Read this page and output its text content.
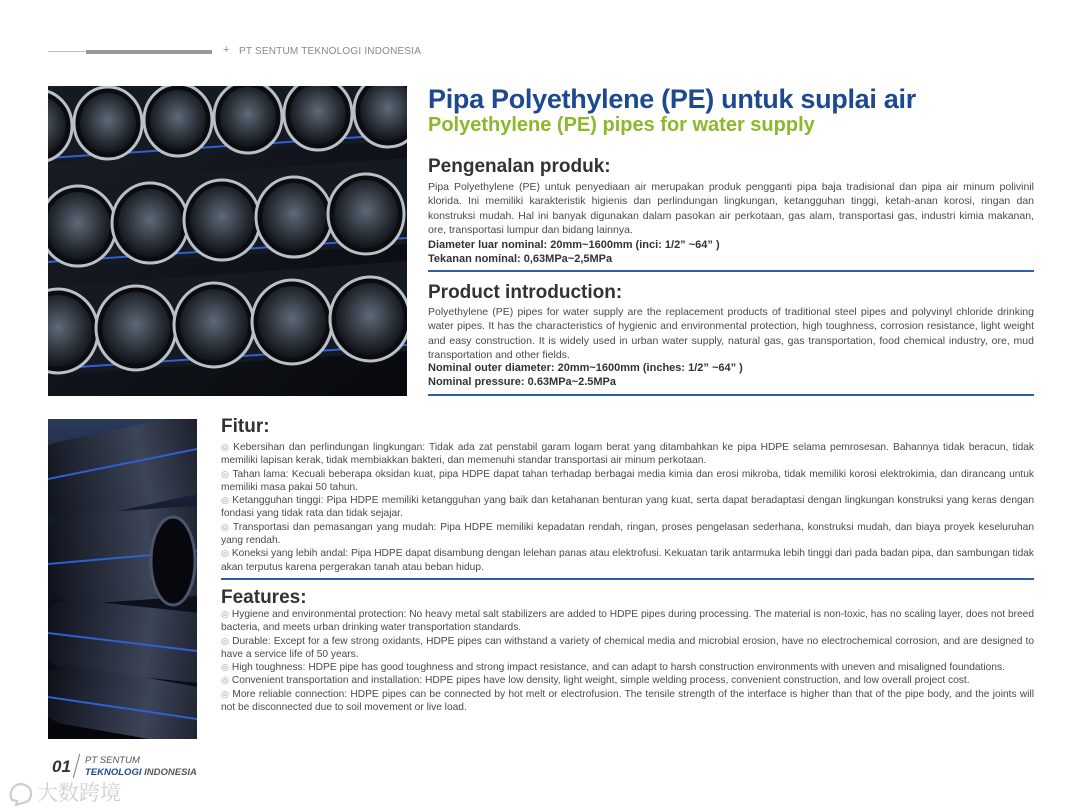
+ PT SENTUM TEKNOLOGI INDONESIA
Pipa Polyethylene (PE) untuk suplai air
Polyethylene (PE) pipes for water supply
Pengenalan produk:

Pipa Polyethylene (PE) untuk penyediaan air merupakan produk pengganti pipa baja tradisional dan pipa air minum polivinil klorida. Ini memiliki karakteristik higienis dan perlindungan lingkungan, ketangguhan tinggi, ketah-anan korosi, ringan dan konstruksi mudah. Hal ini banyak digunakan dalam pasokan air perkotaan, gas alam, transportasi gas, industri kimia makanan, ore, transportasi lumpur dan bidang lainnya.

Diameter luar nominal: 20mm~1600mm (inci: 1/2” ~64” )
Tekanan nominal: 0,63MPa~2,5MPa
Product introduction:

Polyethylene (PE) pipes for water supply are the replacement products of traditional steel pipes and polyvinyl chloride drinking water pipes. It has the characteristics of hygienic and environmental protection, high toughness, corrosion resistance, light weight and easy construction. It is widely used in urban water supply, natural gas, gas transportation, food chemical industry, ore, mud transportation and other fields.

Nominal outer diameter: 20mm~1600mm (inches: 1/2” ~64” )
Nominal pressure: 0.63MPa~2.5MPa
Fitur:
◎ Kebersihan dan perlindungan lingkungan: Tidak ada zat penstabil garam logam berat yang ditambahkan ke pipa HDPE selama pemrosesan. Bahannya tidak beracun, tidak memiliki lapisan kerak, tidak membiakkan bakteri, dan memenuhi standar transportasi air minum perkotaan.
◎ Tahan lama: Kecuali beberapa oksidan kuat, pipa HDPE dapat tahan terhadap berbagai media kimia dan erosi mikroba, tidak memiliki korosi elektrokimia, dan dirancang untuk memiliki masa pakai 50 tahun.
◎ Ketangguhan tinggi: Pipa HDPE memiliki ketangguhan yang baik dan ketahanan benturan yang kuat, serta dapat beradaptasi dengan lingkungan konstruksi yang keras dengan fondasi yang tidak rata dan tidak sejajar.
◎ Transportasi dan pemasangan yang mudah: Pipa HDPE memiliki kepadatan rendah, ringan, proses pengelasan sederhana, konstruksi mudah, dan biaya proyek keseluruhan yang rendah.
◎ Koneksi yang lebih andal: Pipa HDPE dapat disambung dengan lelehan panas atau elektrofusi. Kekuatan tarik antarmuka lebih tinggi dari pada badan pipa, dan sambungan tidak akan terputus karena pergerakan tanah atau beban hidup.
Features:
◎ Hygiene and environmental protection: No heavy metal salt stabilizers are added to HDPE pipes during processing. The material is non-toxic, has no scaling layer, does not breed bacteria, and meets urban drinking water transportation standards.
◎ Durable: Except for a few strong oxidants, HDPE pipes can withstand a variety of chemical media and microbial erosion, have no electrochemical corrosion, and are designed to have a service life of 50 years.
◎ High toughness: HDPE pipe has good toughness and strong impact resistance, and can adapt to harsh construction environments with uneven and misaligned foundations.
◎ Convenient transportation and installation: HDPE pipes have low density, light weight, simple welding process, convenient construction, and low overall project cost.
◎ More reliable connection: HDPE pipes can be connected by hot melt or electrofusion. The tensile strength of the interface is higher than that of the pipe body, and the joints will not be disconnected due to soil movement or live load.
01 PT SENTUM
TEKNOLOGI INDONESIA
大数跨境
